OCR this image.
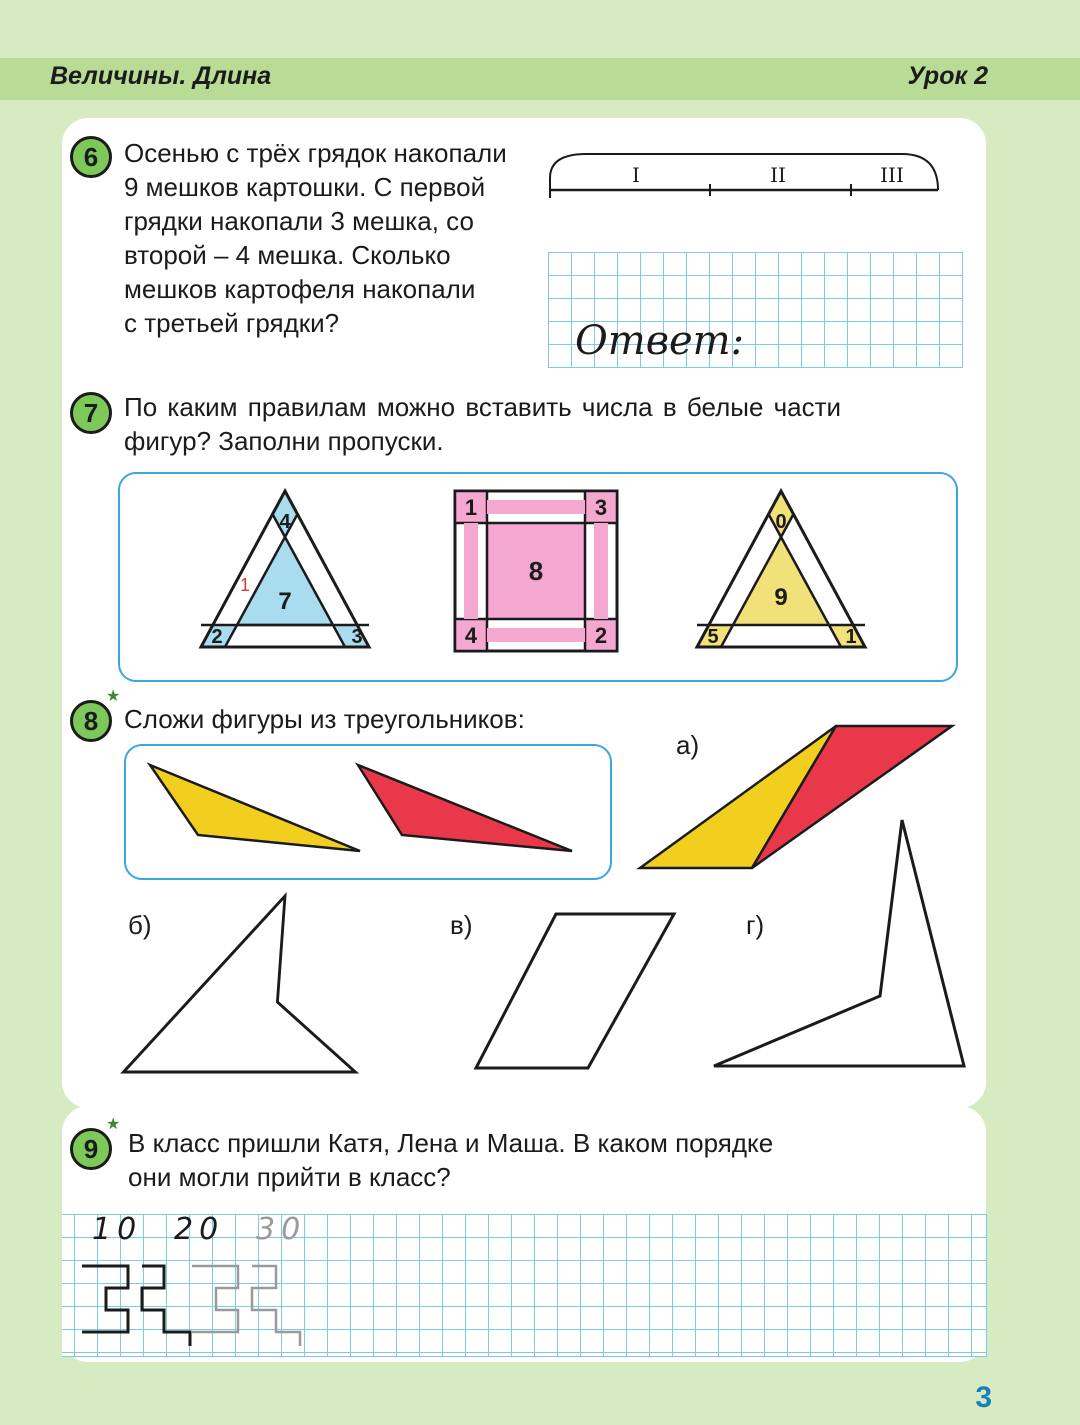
Величины. Длина	Урок 2
6 Осенью с трёх грядок накопали
9 мешков картошки. С первой
грядки накопали 3 мешка, со
второй – 4 мешка. Сколько
мешков картофеля накопали
с третьей грядки?
I	II	III
Ответ:
7 По каким правилам можно вставить числа в белые части
фигур? Заполни пропуски.
4
7
2	3
1
1	3
8
4	2
0
9
5	1
★
8 Сложи фигуры из треугольников:
а)
б)	в)	г)
★
9	В класс пришли Катя, Лена и Маша. В каком порядке
они могли прийти в класс?
10 20 30
3
